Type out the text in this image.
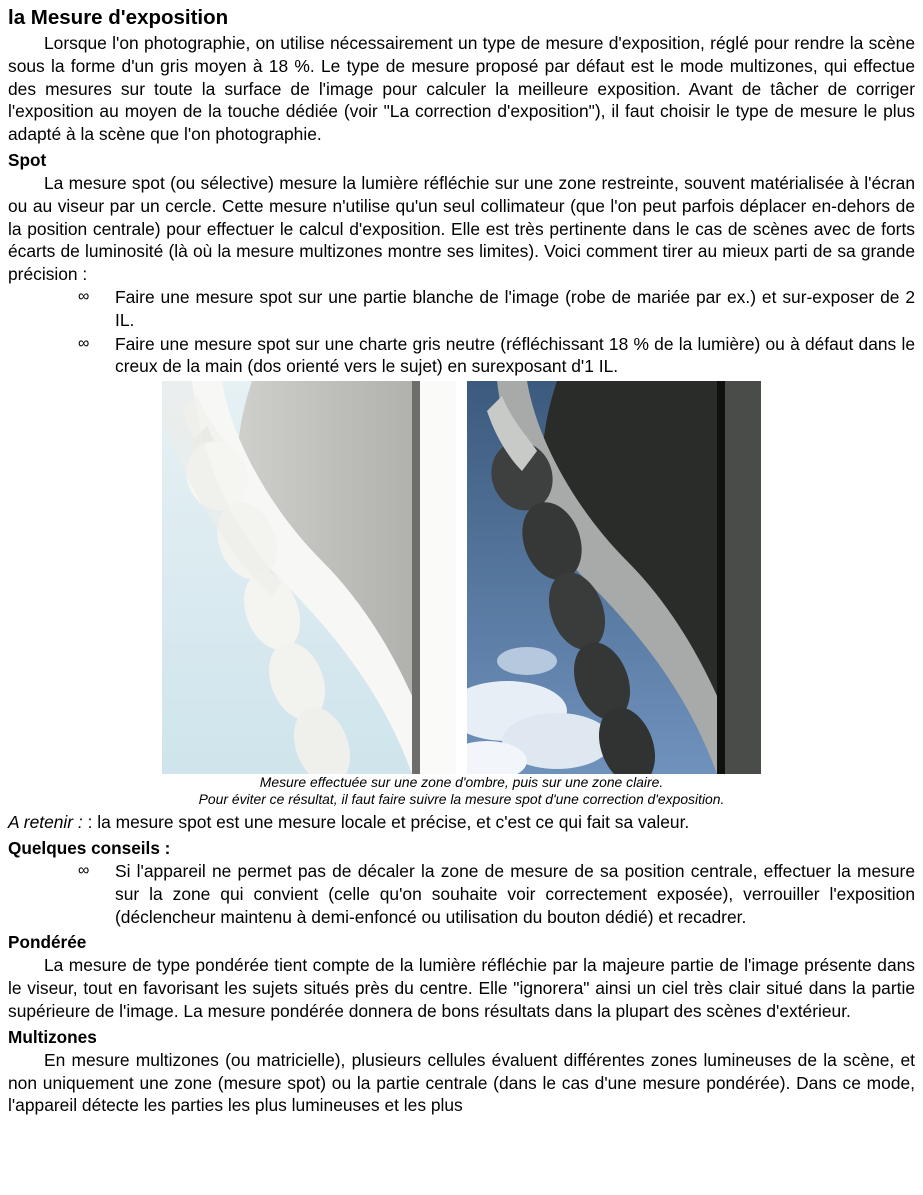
la Mesure d'exposition

Lorsque l'on photographie, on utilise nécessairement un type de mesure d'exposition, réglé pour rendre la scène sous la forme d'un gris moyen à 18 %. Le type de mesure proposé par défaut est le mode multizones, qui effectue des mesures sur toute la surface de l'image pour calculer la meilleure exposition. Avant de tâcher de corriger l'exposition au moyen de la touche dédiée (voir "La correction d'exposition"), il faut choisir le type de mesure le plus adapté à la scène que l'on photographie.

Spot

La mesure spot (ou sélective) mesure la lumière réfléchie sur une zone restreinte, souvent matérialisée à l'écran ou au viseur par un cercle. Cette mesure n'utilise qu'un seul collimateur (que l'on peut parfois déplacer en-dehors de la position centrale) pour effectuer le calcul d'exposition. Elle est très pertinente dans le cas de scènes avec de forts écarts de luminosité (là où la mesure multizones montre ses limites). Voici comment tirer au mieux parti de sa grande précision :

∞ Faire une mesure spot sur une partie blanche de l'image (robe de mariée par ex.) et sur-exposer de 2 IL.
∞ Faire une mesure spot sur une charte gris neutre (réfléchissant 18 % de la lumière) ou à défaut dans le creux de la main (dos orienté vers le sujet) en surexposant d'1 IL.
Mesure effectuée sur une zone d'ombre, puis sur une zone claire.
Pour éviter ce résultat, il faut faire suivre la mesure spot d'une correction d'exposition.

A retenir : : la mesure spot est une mesure locale et précise, et c'est ce qui fait sa valeur.

Quelques conseils :
∞ Si l'appareil ne permet pas de décaler la zone de mesure de sa position centrale, effectuer la mesure sur la zone qui convient (celle qu'on souhaite voir correctement exposée), verrouiller l'exposition (déclencheur maintenu à demi-enfoncé ou utilisation du bouton dédié) et recadrer.
Pondérée

La mesure de type pondérée tient compte de la lumière réfléchie par la majeure partie de l'image présente dans le viseur, tout en favorisant les sujets situés près du centre. Elle "ignorera" ainsi un ciel très clair situé dans la partie supérieure de l'image. La mesure pondérée donnera de bons résultats dans la plupart des scènes d'extérieur.

Multizones

En mesure multizones (ou matricielle), plusieurs cellules évaluent différentes zones lumineuses de la scène, et non uniquement une zone (mesure spot) ou la partie centrale (dans le cas d'une mesure pondérée). Dans ce mode, l'appareil détecte les parties les plus lumineuses et les plus
